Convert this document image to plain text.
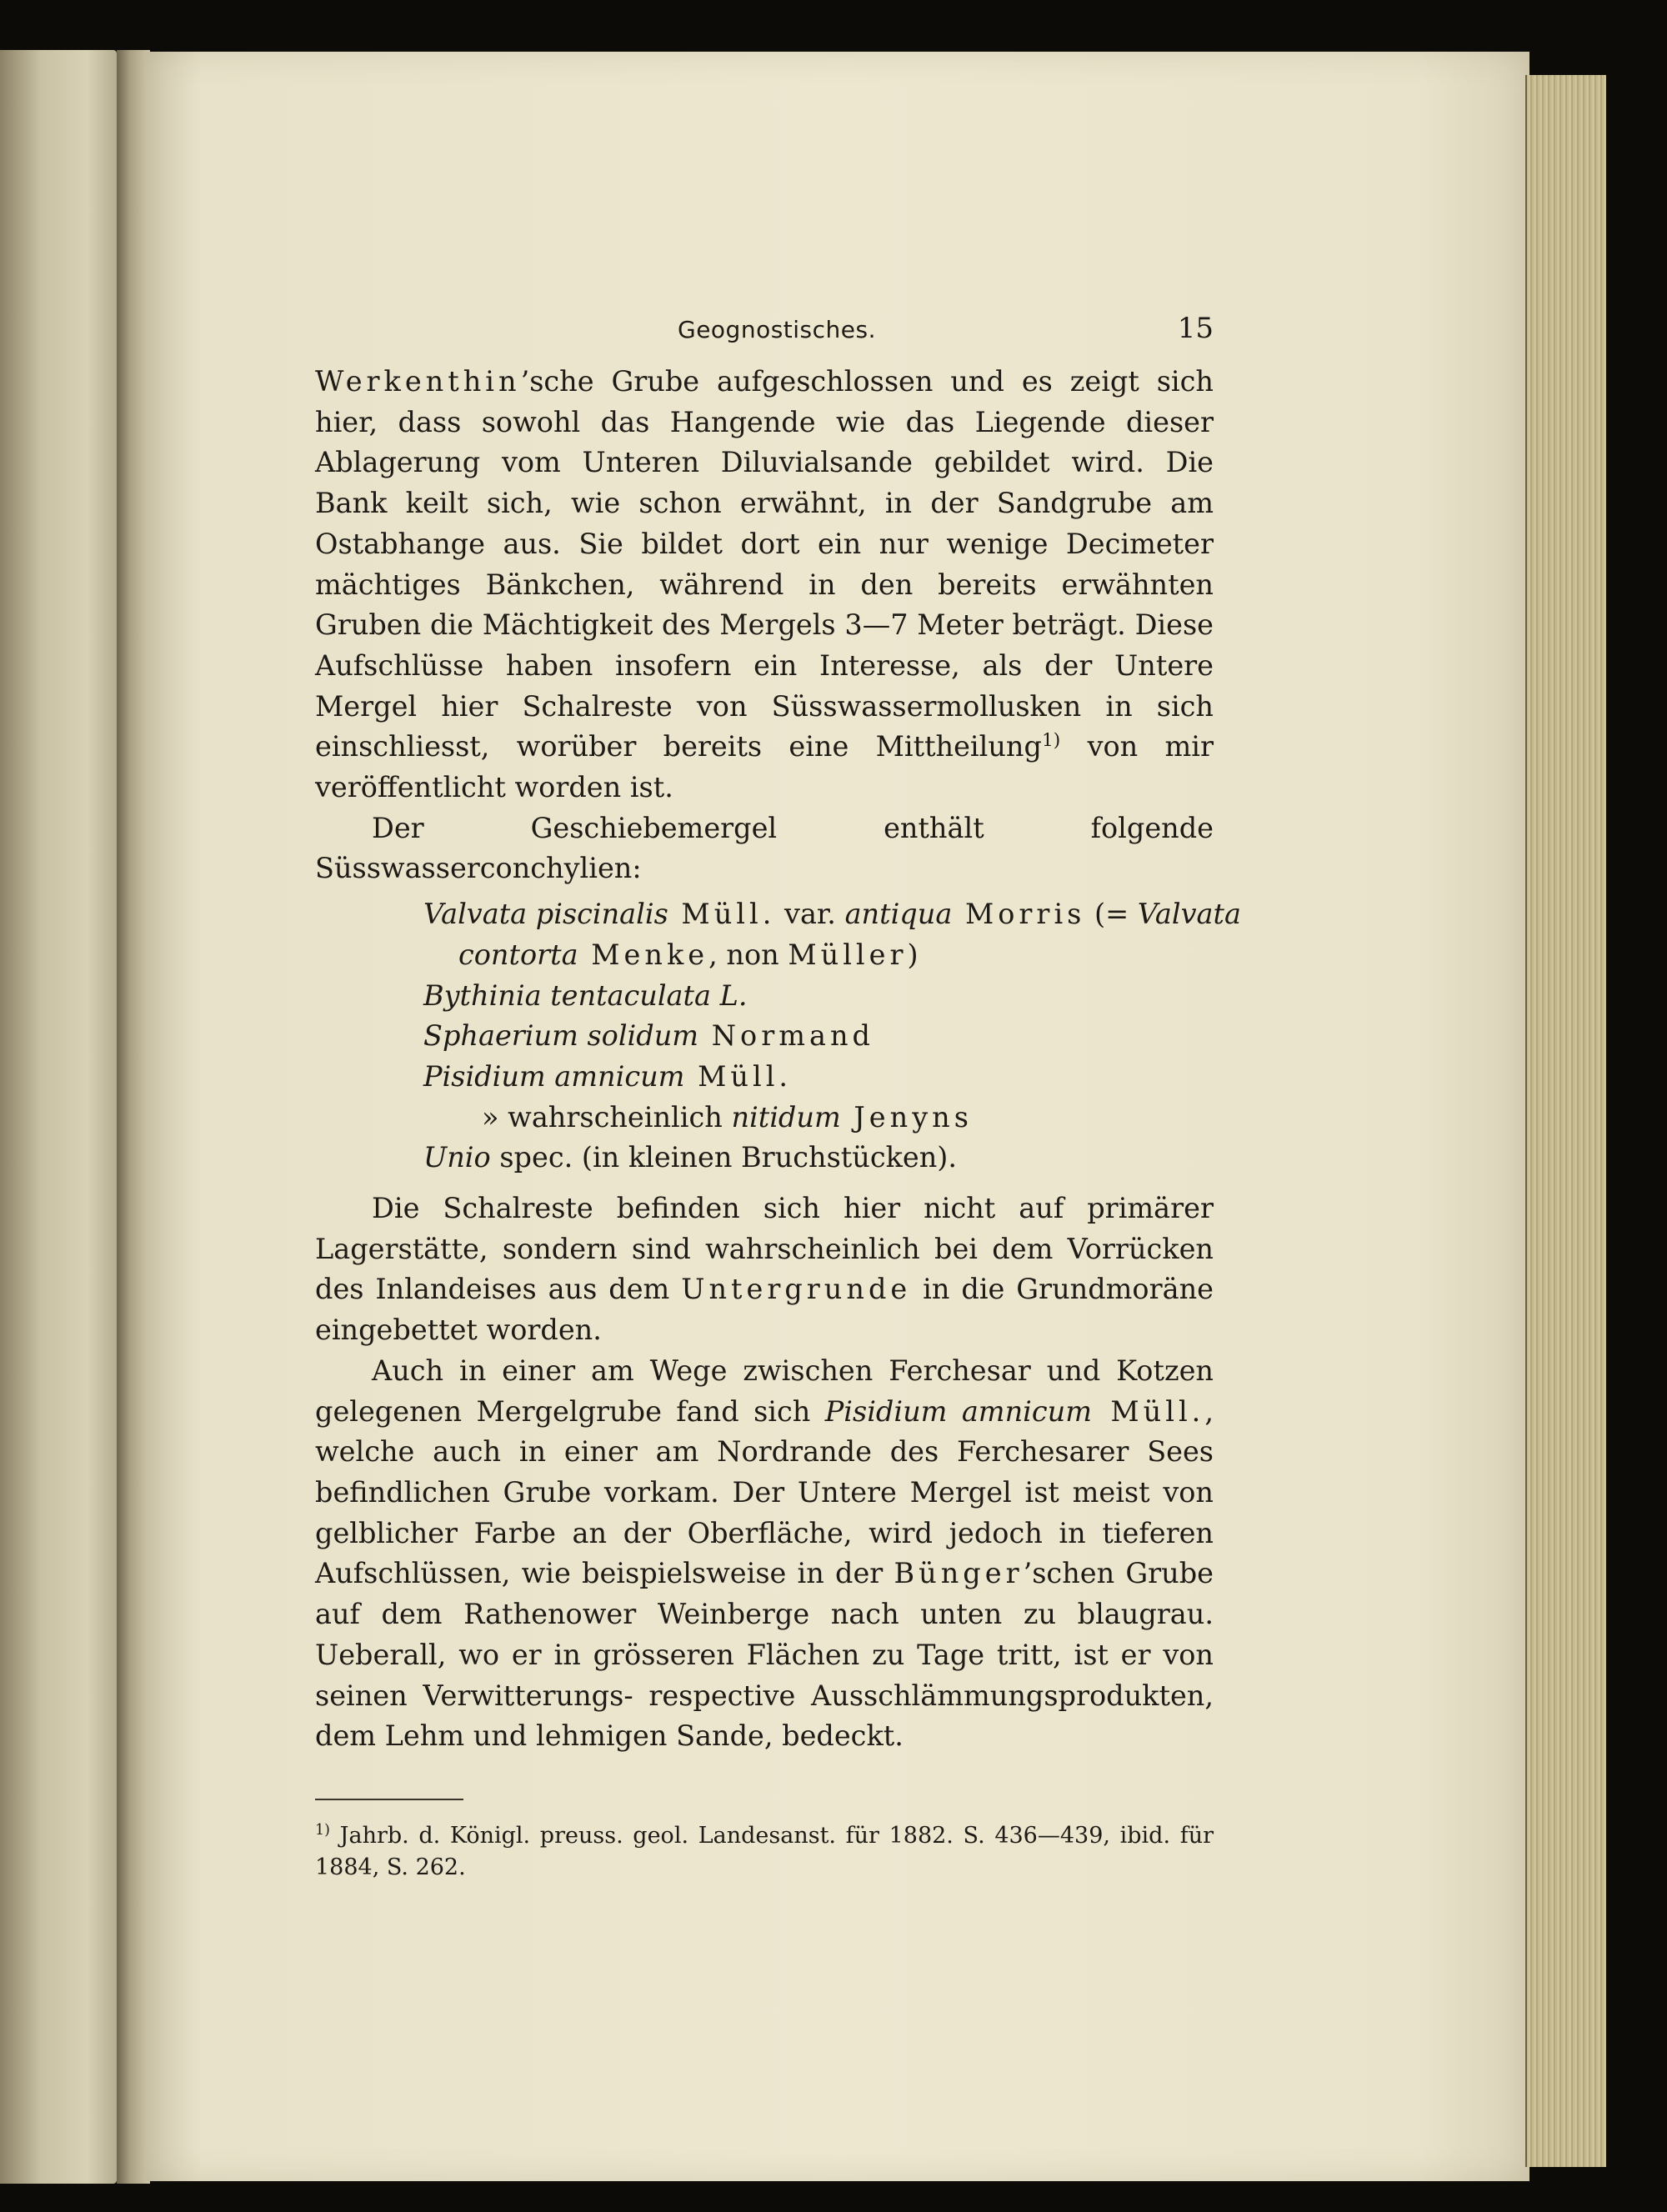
Geognostisches.	15

Werkenthin’sche Grube aufgeschlossen und es zeigt sich hier, dass sowohl das Hangende wie das Liegende dieser Ablagerung vom Unteren Diluvialsande gebildet wird. Die Bank keilt sich, wie schon erwähnt, in der Sandgrube am Ostabhange aus. Sie bildet dort ein nur wenige Decimeter mächtiges Bänkchen, während in den bereits erwähnten Gruben die Mächtigkeit des Mergels 3—7 Meter beträgt. Diese Aufschlüsse haben insofern ein Interesse, als der Untere Mergel hier Schalreste von Süsswassermollusken in sich einschliesst, worüber bereits eine Mittheilung$^{1)}$ von mir veröffentlicht worden ist.

Der Geschiebemergel enthält folgende Süsswasserconchylien:

Valvata piscinalis Müll. var. antiqua Morris (= Valvata
contorta Menke, non Müller)
Bythinia tentaculata L.
Sphaerium solidum Normand
Pisidium amnicum Müll.
» wahrscheinlich nitidum Jenyns
Unio spec. (in kleinen Bruchstücken).

Die Schalreste befinden sich hier nicht auf primärer Lagerstätte, sondern sind wahrscheinlich bei dem Vorrücken des Inlandeises aus dem Untergrunde in die Grundmoräne eingebettet worden.

Auch in einer am Wege zwischen Ferchesar und Kotzen gelegenen Mergelgrube fand sich Pisidium amnicum Müll., welche auch in einer am Nordrande des Ferchesarer Sees befindlichen Grube vorkam. Der Untere Mergel ist meist von gelblicher Farbe an der Oberfläche, wird jedoch in tieferen Aufschlüssen, wie beispielsweise in der Bünger’schen Grube auf dem Rathenower Weinberge nach unten zu blaugrau. Ueberall, wo er in grösseren Flächen zu Tage tritt, ist er von seinen Verwitterungs- respective Ausschlämmungsprodukten, dem Lehm und lehmigen Sande, bedeckt.

$^{1)}$ Jahrb. d. Königl. preuss. geol. Landesanst. für 1882. S. 436—439, ibid. für 1884, S. 262.
